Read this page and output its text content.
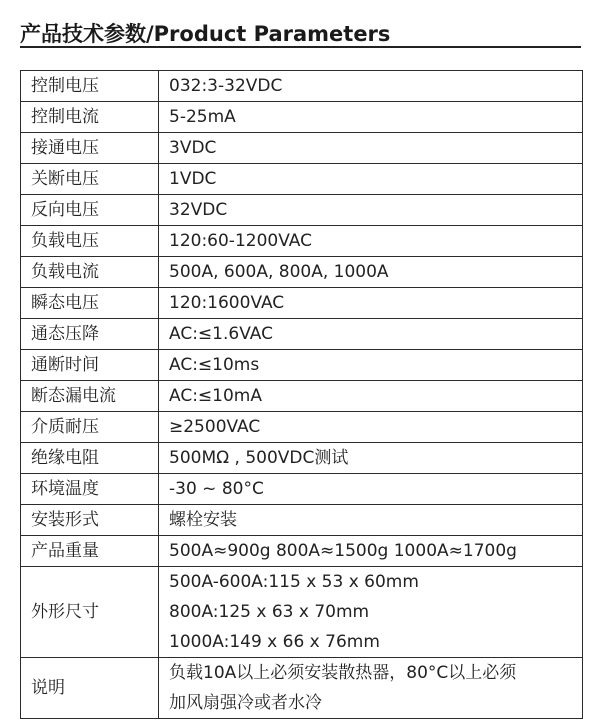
产品技术参数/Product Parameters
控制电压	032:3-32VDC
控制电流	5-25mA
接通电压	3VDC
关断电压	1VDC
反向电压	32VDC
负载电压	120:60-1200VAC
负载电流	500A, 600A, 800A, 1000A
瞬态电压	120:1600VAC
通态压降	AC:≤1.6VAC
通断时间	AC:≤10ms
断态漏电流	AC:≤10mA
介质耐压	≥2500VAC
绝缘电阻	500MΩ , 500VDC测试
环境温度	-30 ~ 80°C
安装形式	螺栓安装
产品重量	500A≈900g 800A≈1500g 1000A≈1700g
外形尺寸	500A-600A:115 x 53 x 60mm
800A:125 x 63 x 70mm
1000A:149 x 66 x 76mm

说明	负载10A以上必须安装散热器，80°C以上必须
加风扇强冷或者水冷
